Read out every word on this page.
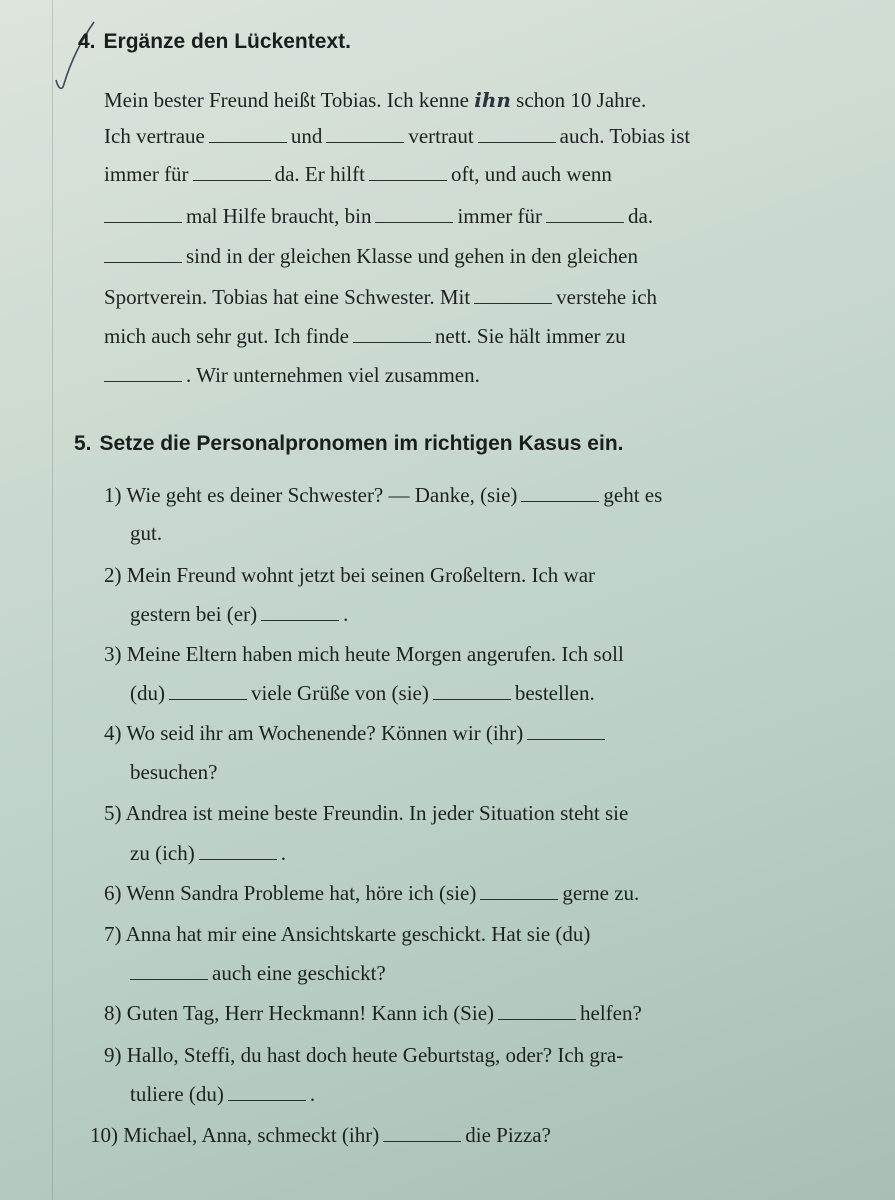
4. Ergänze den Lückentext.
Mein bester Freund heißt Tobias. Ich kenne ihn schon 10 Jahre.
Ich vertraue	und	vertraut	auch. Tobias ist
immer für	da. Er hilft	oft, und auch wenn
mal Hilfe braucht, bin	immer für	da.
sind in der gleichen Klasse und gehen in den gleichen
Sportverein. Tobias hat eine Schwester. Mit	verstehe ich
mich auch sehr gut. Ich finde	nett. Sie hält immer zu
. Wir unternehmen viel zusammen.
5. Setze die Personalpronomen im richtigen Kasus ein.
1) Wie geht es deiner Schwester? — Danke, (sie)	geht es
gut.
2) Mein Freund wohnt jetzt bei seinen Großeltern. Ich war
gestern bei (er)	.
3) Meine Eltern haben mich heute Morgen angerufen. Ich soll
(du)	viele Grüße von (sie)	bestellen.
4) Wo seid ihr am Wochenende? Können wir (ihr)
besuchen?
5) Andrea ist meine beste Freundin. In jeder Situation steht sie
zu (ich)	.
6) Wenn Sandra Probleme hat, höre ich (sie)	gerne zu.
7) Anna hat mir eine Ansichtskarte geschickt. Hat sie (du)
auch eine geschickt?
8) Guten Tag, Herr Heckmann! Kann ich (Sie)	helfen?
9) Hallo, Steffi, du hast doch heute Geburtstag, oder? Ich gra-
tuliere (du)	.
10) Michael, Anna, schmeckt (ihr)	die Pizza?
